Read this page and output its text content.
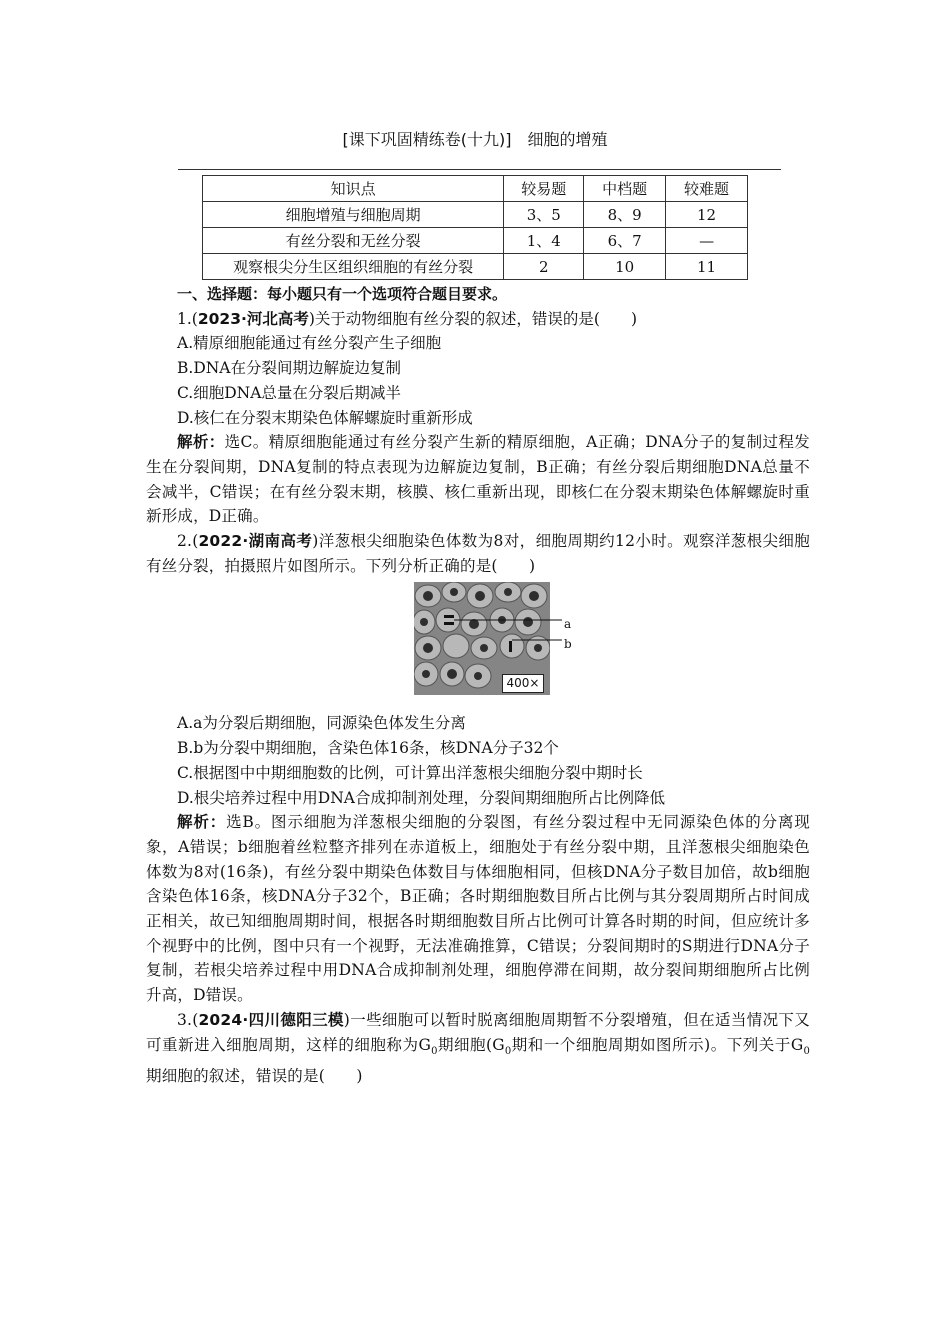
[课下巩固精练卷(十九)] 细胞的增殖
知识点	较易题	中档题	较难题
细胞增殖与细胞周期	3、5	8、9	12
有丝分裂和无丝分裂	1、4	6、7	—
观察根尖分生区组织细胞的有丝分裂	2	10	11

一、选择题：每小题只有一个选项符合题目要求。

1.(2023·河北高考)关于动物细胞有丝分裂的叙述，错误的是(　　)

A.精原细胞能通过有丝分裂产生子细胞

B.DNA在分裂间期边解旋边复制

C.细胞DNA总量在分裂后期减半

D.核仁在分裂末期染色体解螺旋时重新形成

解析：选C。精原细胞能通过有丝分裂产生新的精原细胞，A正确；DNA分子的复制过程发生在分裂间期，DNA复制的特点表现为边解旋边复制，B正确；有丝分裂后期细胞DNA总量不会减半，C错误；在有丝分裂末期，核膜、核仁重新出现，即核仁在分裂末期染色体解螺旋时重新形成，D正确。

2.(2022·湖南高考)洋葱根尖细胞染色体数为8对，细胞周期约12小时。观察洋葱根尖细胞有丝分裂，拍摄照片如图所示。下列分析正确的是(　　)

400×
a
b

A.a为分裂后期细胞，同源染色体发生分离

B.b为分裂中期细胞，含染色体16条，核DNA分子32个

C.根据图中中期细胞数的比例，可计算出洋葱根尖细胞分裂中期时长

D.根尖培养过程中用DNA合成抑制剂处理，分裂间期细胞所占比例降低

解析：选B。图示细胞为洋葱根尖细胞的分裂图，有丝分裂过程中无同源染色体的分离现象，A错误；b细胞着丝粒整齐排列在赤道板上，细胞处于有丝分裂中期，且洋葱根尖细胞染色体数为8对(16条)，有丝分裂中期染色体数目与体细胞相同，但核DNA分子数目加倍，故b细胞含染色体16条，核DNA分子32个，B正确；各时期细胞数目所占比例与其分裂周期所占时间成正相关，故已知细胞周期时间，根据各时期细胞数目所占比例可计算各时期的时间，但应统计多个视野中的比例，图中只有一个视野，无法准确推算，C错误；分裂间期时的S期进行DNA分子复制，若根尖培养过程中用DNA合成抑制剂处理，细胞停滞在间期，故分裂间期细胞所占比例升高，D错误。

3.(2024·四川德阳三模)一些细胞可以暂时脱离细胞周期暂不分裂增殖，但在适当情况下又可重新进入细胞周期，这样的细胞称为$G_0$期细胞($G_0$期和一个细胞周期如图所示)。下列关于$G_0$期细胞的叙述，错误的是(　　)
